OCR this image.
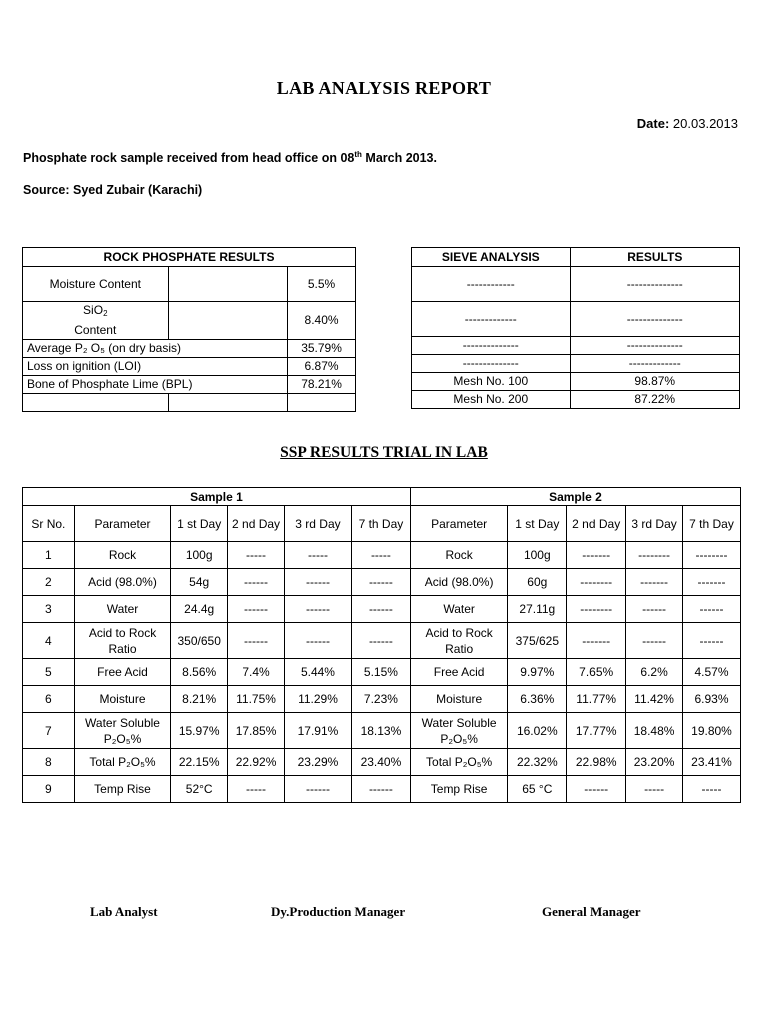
LAB ANALYSIS REPORT
Date: 20.03.2013
Phosphate rock sample received from head office on 08th March 2013.
Source: Syed Zubair (Karachi)
ROCK PHOSPHATE RESULTS		
Moisture Content		5.5%
SiO$_2$
Content		8.40%
Average P₂ O₅ (on dry basis)		35.79%
Loss on ignition (LOI)		6.87%
Bone of Phosphate Lime (BPL)		78.21%

SIEVE ANALYSIS	RESULTS
------------	--------------
-------------	--------------
--------------	--------------
--------------	-------------
Mesh No. 100	98.87%
Mesh No. 200	87.22%
SSP RESULTS TRIAL IN LAB
Sample 1						Sample 2				
Sr No.	Parameter	1 st Day	2 nd Day	3 rd Day	7 th Day	Parameter	1 st Day	2 nd Day	3 rd Day	7 th Day
1	Rock	100g	-----	-----	-----	Rock	100g	-------	--------	--------
2	Acid (98.0%)	54g	------	------	------	Acid (98.0%)	60g	--------	-------	-------
3	Water	24.4g	------	------	------	Water	27.11g	--------	------	------
4	Acid to Rock Ratio	350/650	------	------	------	Acid to Rock Ratio	375/625	-------	------	------
5	Free Acid	8.56%	7.4%	5.44%	5.15%	Free Acid	9.97%	7.65%	6.2%	4.57%
6	Moisture	8.21%	11.75%	11.29%	7.23%	Moisture	6.36%	11.77%	11.42%	6.93%
7	Water Soluble P₂O₅%	15.97%	17.85%	17.91%	18.13%	Water Soluble P₂O₅%	16.02%	17.77%	18.48%	19.80%
8	Total P₂O₅%	22.15%	22.92%	23.29%	23.40%	Total P₂O₅%	22.32%	22.98%	23.20%	23.41%
9	Temp Rise	52°C	-----	------	------	Temp Rise	65 °C	------	-----	-----
Lab Analyst	Dy.Production Manager	General Manager
